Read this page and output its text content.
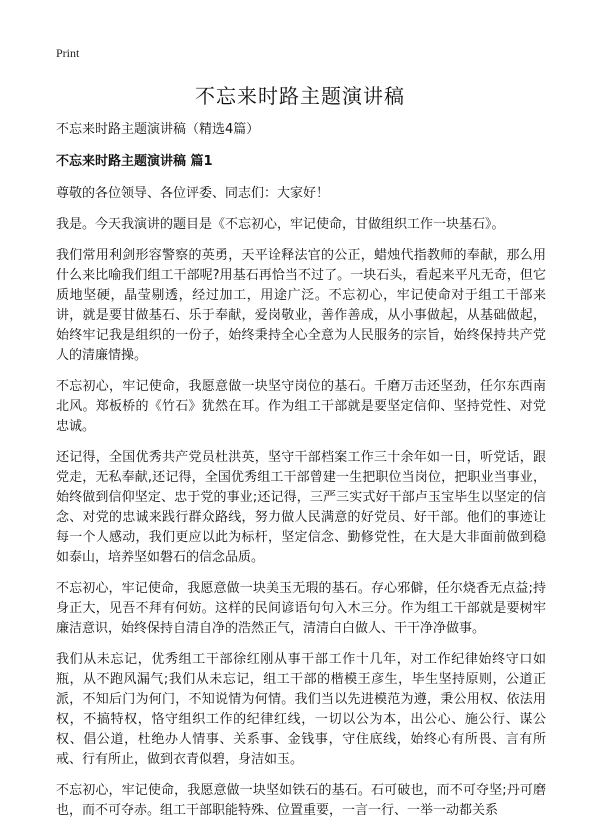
Print
不忘来时路主题演讲稿

不忘来时路主题演讲稿（精选4篇）

不忘来时路主题演讲稿 篇1

尊敬的各位领导、各位评委、同志们：大家好！

我是。今天我演讲的题目是《不忘初心，牢记使命，甘做组织工作一块基石》。

我们常用利剑形容警察的英勇，天平诠释法官的公正，蜡烛代指教师的奉献，那么用什么来比喻我们组工干部呢?用基石再恰当不过了。一块石头，看起来平凡无奇，但它质地坚硬，晶莹剔透，经过加工，用途广泛。不忘初心，牢记使命对于组工干部来讲，就是要甘做基石、乐于奉献，爱岗敬业，善作善成，从小事做起，从基础做起，始终牢记我是组织的一份子，始终秉持全心全意为人民服务的宗旨，始终保持共产党人的清廉情操。

不忘初心，牢记使命，我愿意做一块坚守岗位的基石。千磨万击还坚劲，任尔东西南北风。郑板桥的《竹石》犹然在耳。作为组工干部就是要坚定信仰、坚持党性、对党忠诚。

还记得，全国优秀共产党员杜洪英，坚守干部档案工作三十余年如一日，听党话，跟党走，无私奉献,还记得，全国优秀组工干部曾建一生把职位当岗位，把职业当事业，始终做到信仰坚定、忠于党的事业;还记得，三严三实式好干部卢玉宝毕生以坚定的信念、对党的忠诚来践行群众路线，努力做人民满意的好党员、好干部。他们的事迹让每一个人感动，我们更应以此为标杆，坚定信念、勤修党性，在大是大非面前做到稳如泰山，培养坚如磐石的信念品质。

不忘初心，牢记使命，我愿意做一块美玉无瑕的基石。存心邪僻，任尔烧香无点益;持身正大，见吾不拜有何妨。这样的民间谚语句句入木三分。作为组工干部就是要树牢廉洁意识，始终保持自清自净的浩然正气，清清白白做人、干干净净做事。

我们从未忘记，优秀组工干部徐红刚从事干部工作十几年，对工作纪律始终守口如瓶，从不跑风漏气;我们从未忘记，组工干部的楷模王彦生，毕生坚持原则，公道正派，不知后门为何门，不知说情为何情。我们当以先进模范为遵，秉公用权、依法用权，不搞特权，恪守组织工作的纪律红线，一切以公为本，出公心、施公行、谋公权、倡公道，杜绝办人情事、关系事、金钱事，守住底线，始终心有所畏、言有所戒、行有所止，做到衣青似碧，身洁如玉。

不忘初心，牢记使命，我愿意做一块坚如铁石的基石。石可破也，而不可夺坚;丹可磨也，而不可夺赤。组工干部职能特殊、位置重要，一言一行、一举一动都关系
